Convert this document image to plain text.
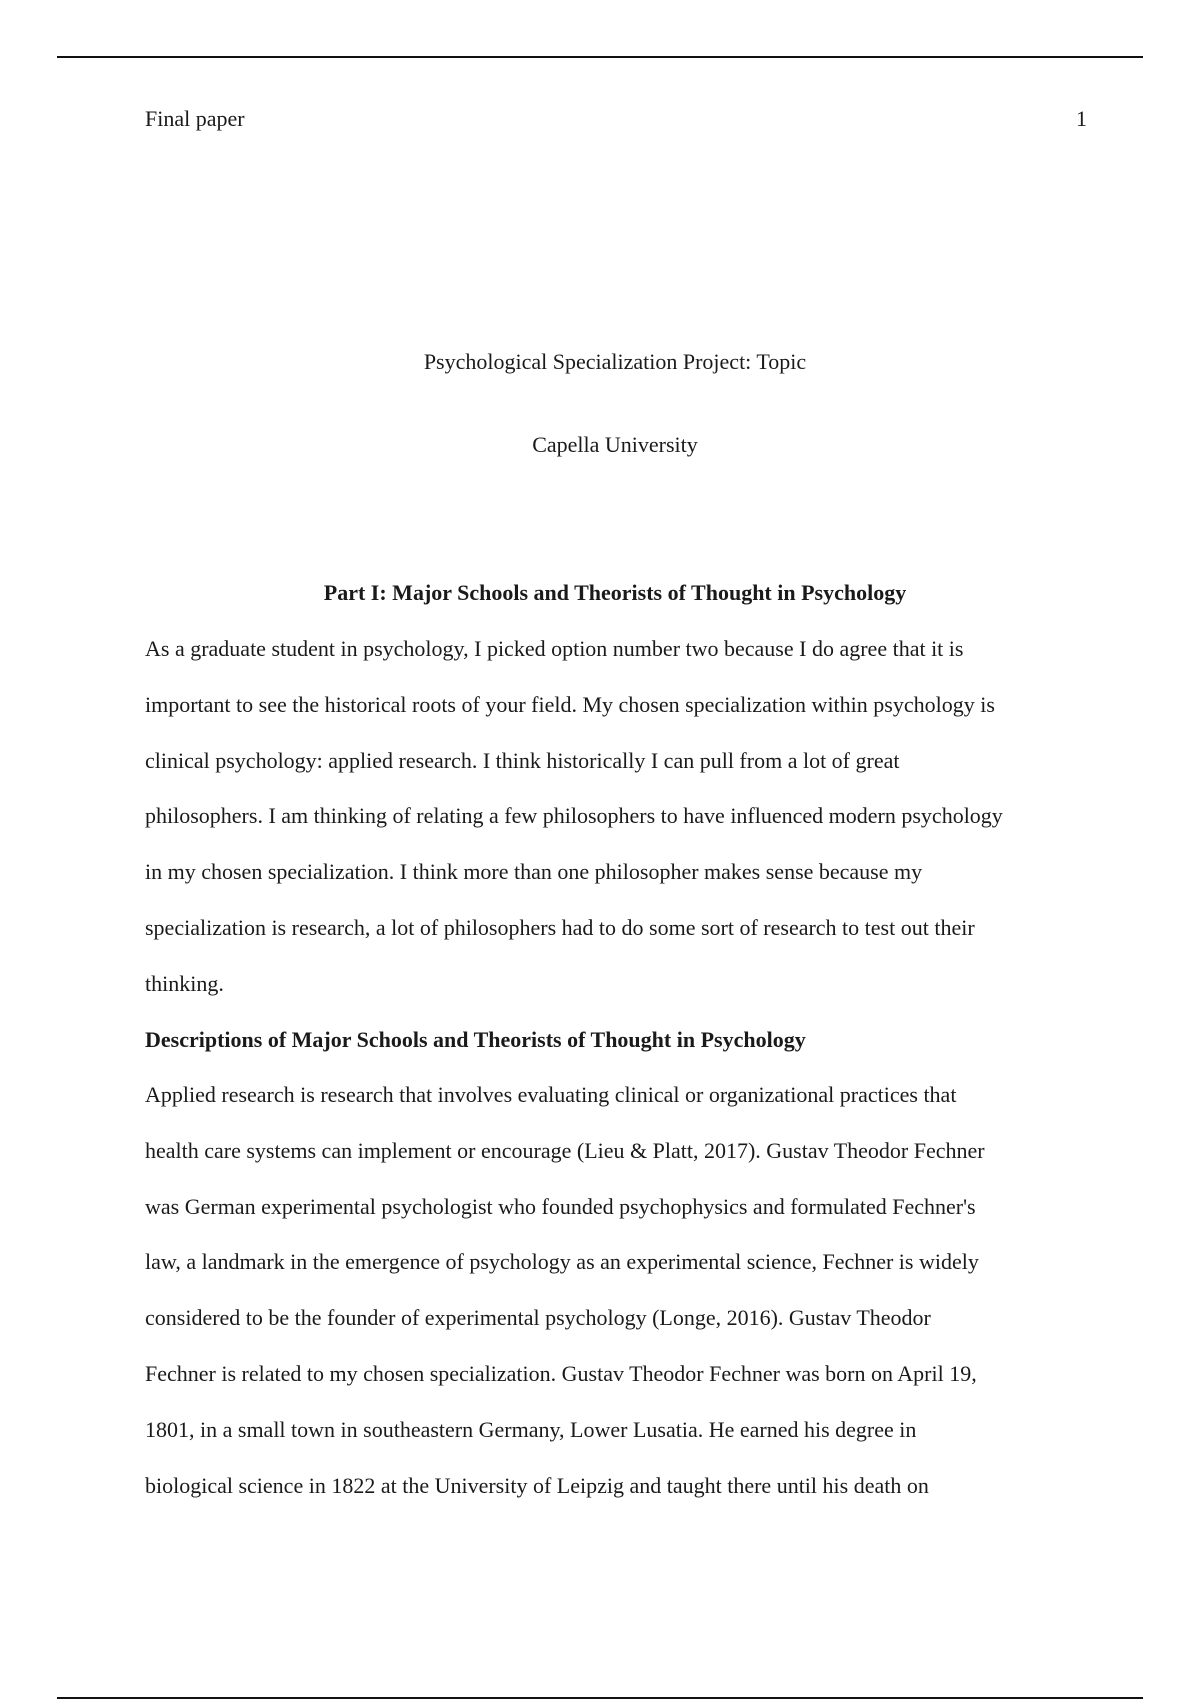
Final paper	1
Psychological Specialization Project: Topic
Capella University
Part I: Major Schools and Theorists of Thought in Psychology
As a graduate student in psychology, I picked option number two because I do agree that it is
important to see the historical roots of your field. My chosen specialization within psychology is
clinical psychology: applied research. I think historically I can pull from a lot of great
philosophers. I am thinking of relating a few philosophers to have influenced modern psychology
in my chosen specialization. I think more than one philosopher makes sense because my
specialization is research, a lot of philosophers had to do some sort of research to test out their
thinking.
Descriptions of Major Schools and Theorists of Thought in Psychology
Applied research is research that involves evaluating clinical or organizational practices that
health care systems can implement or encourage (Lieu & Platt, 2017). Gustav Theodor Fechner
was German experimental psychologist who founded psychophysics and formulated Fechner's
law, a landmark in the emergence of psychology as an experimental science, Fechner is widely
considered to be the founder of experimental psychology (Longe, 2016). Gustav Theodor
Fechner is related to my chosen specialization. Gustav Theodor Fechner was born on April 19,
1801, in a small town in southeastern Germany, Lower Lusatia. He earned his degree in
biological science in 1822 at the University of Leipzig and taught there until his death on
